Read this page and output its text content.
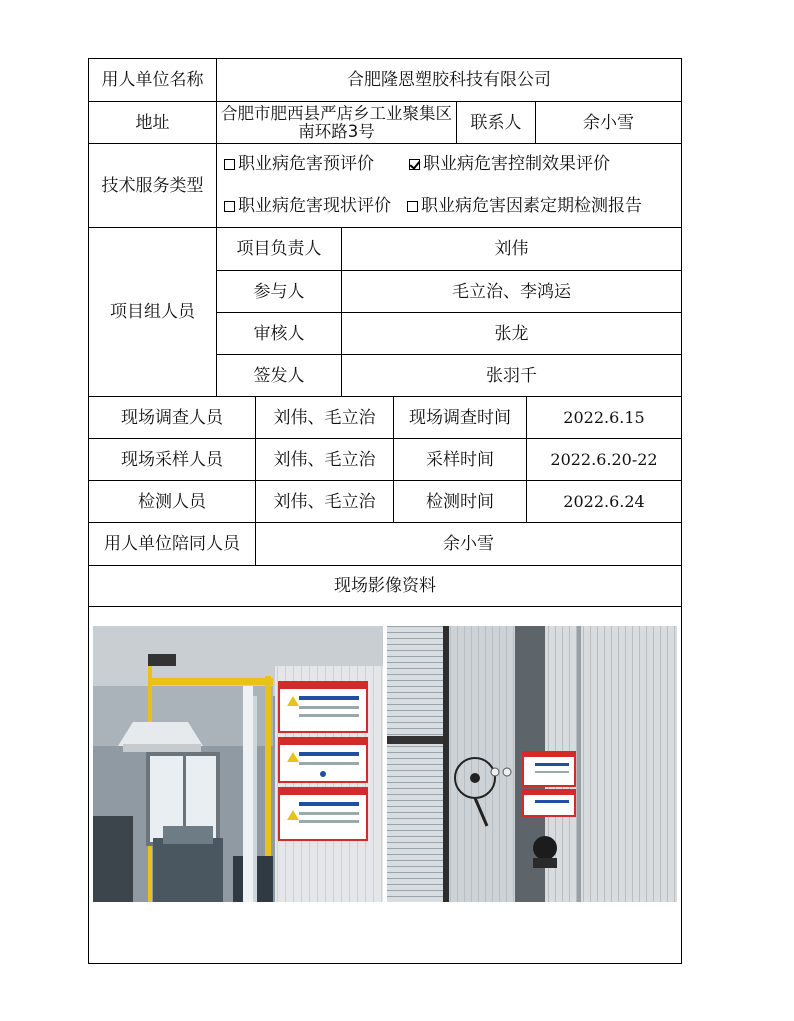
用人单位名称	合肥隆恩塑胶科技有限公司
地址	合肥市肥西县严店乡工业聚集区南环路3号	联系人	余小雪
技术服务类型
职业病危害预评价	职业病危害控制效果评价
职业病危害现状评价 职业病危害因素定期检测报告
项目组人员
项目负责人	刘伟
参与人	毛立治、李鸿运
审核人	张龙
签发人	张羽千
现场调查人员	刘伟、毛立治	现场调查时间	2022.6.15
现场采样人员	刘伟、毛立治	采样时间	2022.6.20-22
检测人员	刘伟、毛立治	检测时间	2022.6.24
用人单位陪同人员	余小雪
现场影像资料
